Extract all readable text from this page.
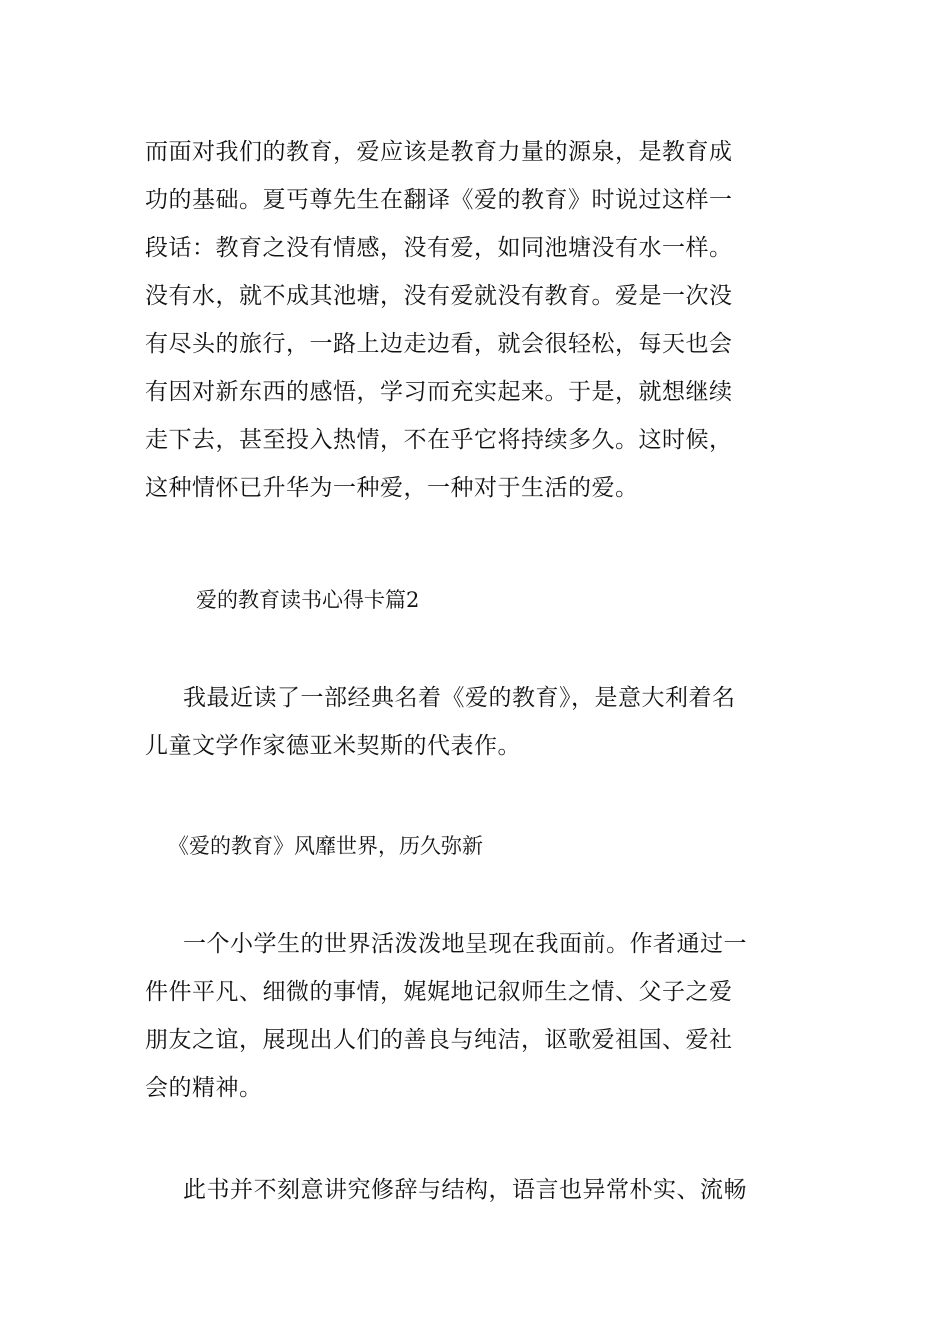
而面对我们的教育，爱应该是教育力量的源泉，是教育成
功的基础。夏丐尊先生在翻译《爱的教育》时说过这样一
段话：教育之没有情感，没有爱，如同池塘没有水一样。
没有水，就不成其池塘，没有爱就没有教育。爱是一次没
有尽头的旅行，一路上边走边看，就会很轻松，每天也会
有因对新东西的感悟，学习而充实起来。于是，就想继续
走下去，甚至投入热情，不在乎它将持续多久。这时候，
这种情怀已升华为一种爱，一种对于生活的爱。

爱的教育读书心得卡篇2

我最近读了一部经典名着《爱的教育》，是意大利着名
儿童文学作家德亚米契斯的代表作。

《爱的教育》风靡世界，历久弥新

一个小学生的世界活泼泼地呈现在我面前。作者通过一
件件平凡、细微的事情，娓娓地记叙师生之情、父子之爱
朋友之谊，展现出人们的善良与纯洁，讴歌爱祖国、爱社
会的精神。

此书并不刻意讲究修辞与结构，语言也异常朴实、流畅
